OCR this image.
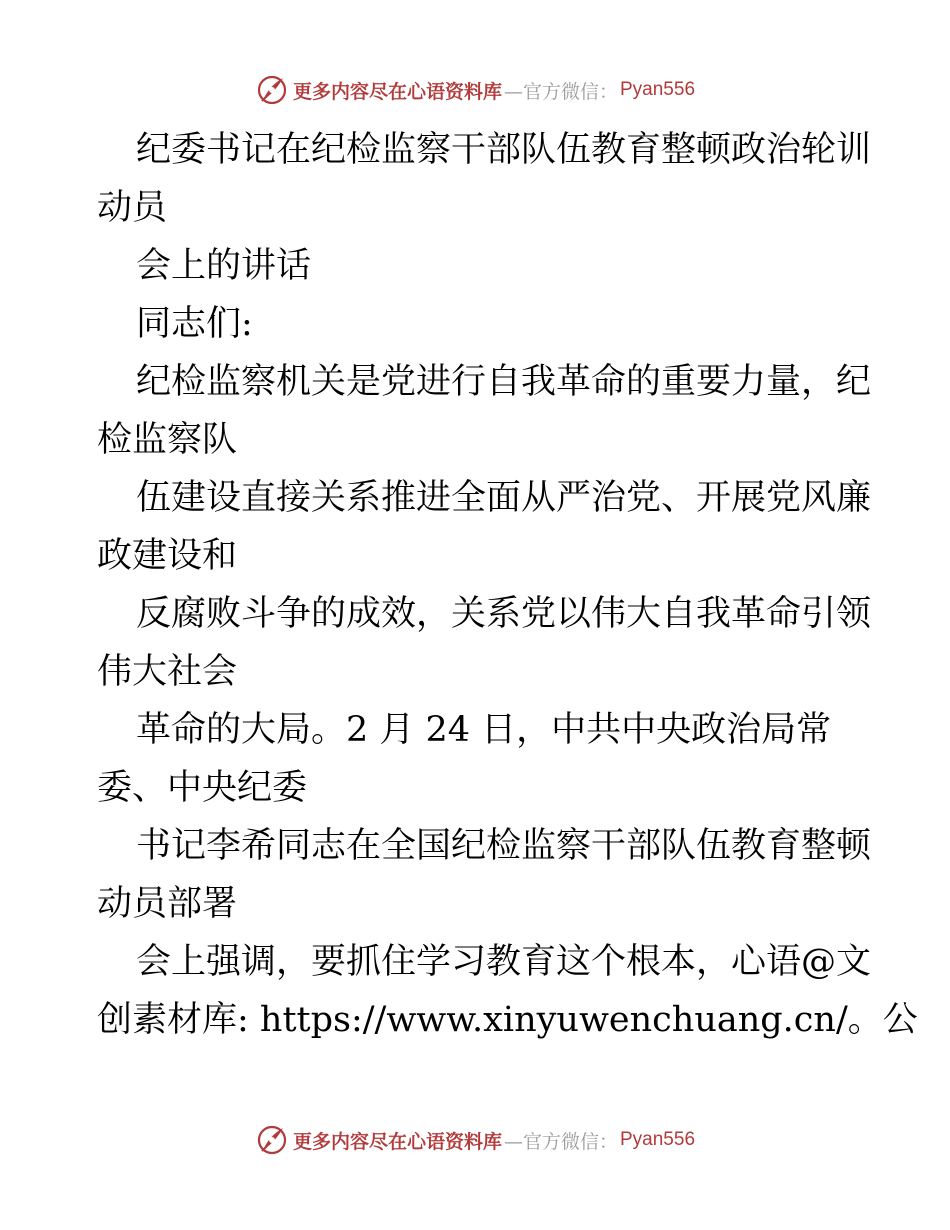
更多内容尽在心语资料库 —官方微信： Pyan556
纪委书记在纪检监察干部队伍教育整顿政治轮训
动员
会上的讲话
同志们:
纪检监察机关是党进行自我革命的重要力量，纪
检监察队
伍建设直接关系推进全面从严治党、开展党风廉
政建设和
反腐败斗争的成效，关系党以伟大自我革命引领
伟大社会
革命的大局。2 月 24 日，中共中央政治局常
委、中央纪委
书记李希同志在全国纪检监察干部队伍教育整顿
动员部署
会上强调，要抓住学习教育这个根本，心语@文
创素材库: https://www.xinyuwenchuang.cn/。公
更多内容尽在心语资料库 —官方微信： Pyan556
